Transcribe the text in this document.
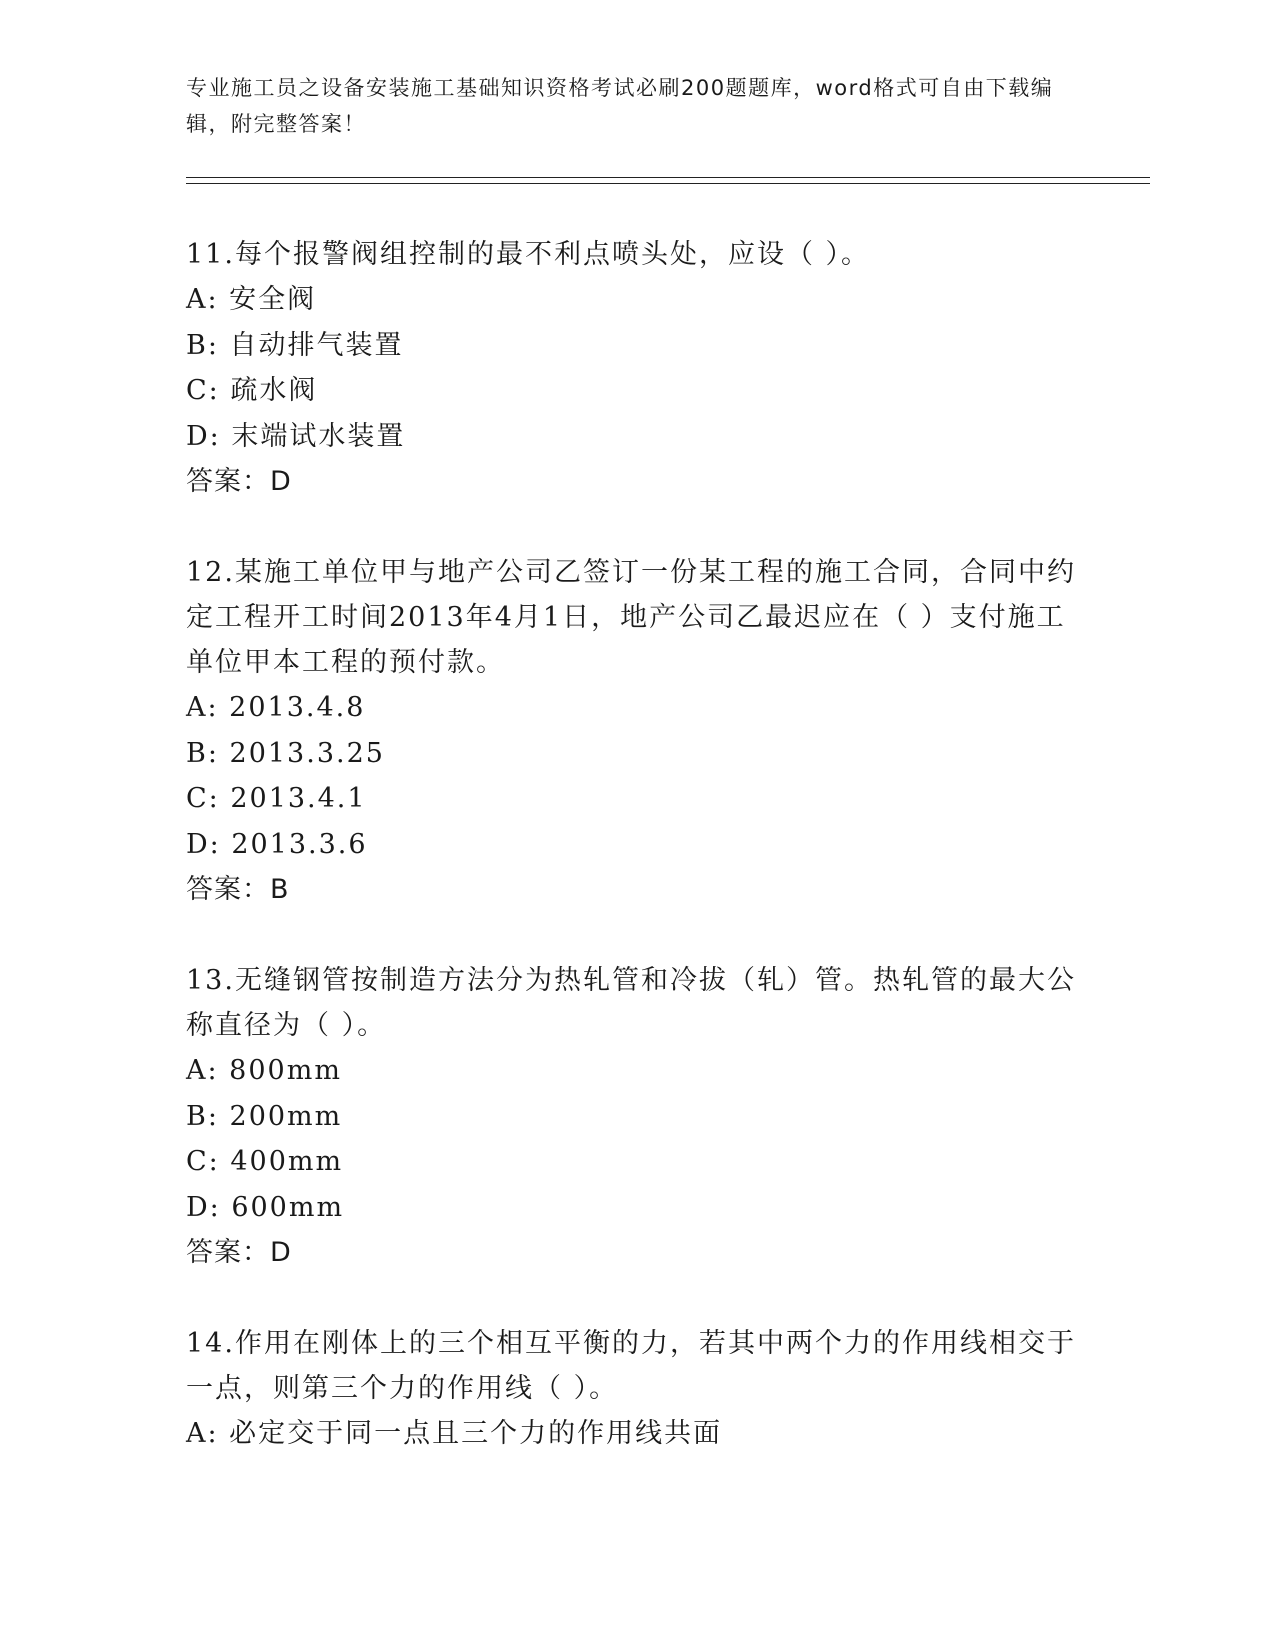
专业施工员之设备安装施工基础知识资格考试必刷200题题库，word格式可自由下载编辑，附完整答案！
11.每个报警阀组控制的最不利点喷头处，应设（ ）。
A: 安全阀
B: 自动排气装置
C: 疏水阀
D: 末端试水装置
答案：D
12.某施工单位甲与地产公司乙签订一份某工程的施工合同，合同中约定工程开工时间2013年4月1日，地产公司乙最迟应在（ ）支付施工单位甲本工程的预付款。
A: 2013.4.8
B: 2013.3.25
C: 2013.4.1
D: 2013.3.6
答案：B
13.无缝钢管按制造方法分为热轧管和冷拔（轧）管。热轧管的最大公称直径为（ ）。
A: 800mm
B: 200mm
C: 400mm
D: 600mm
答案：D
14.作用在刚体上的三个相互平衡的力，若其中两个力的作用线相交于一点，则第三个力的作用线（ ）。
A: 必定交于同一点且三个力的作用线共面
